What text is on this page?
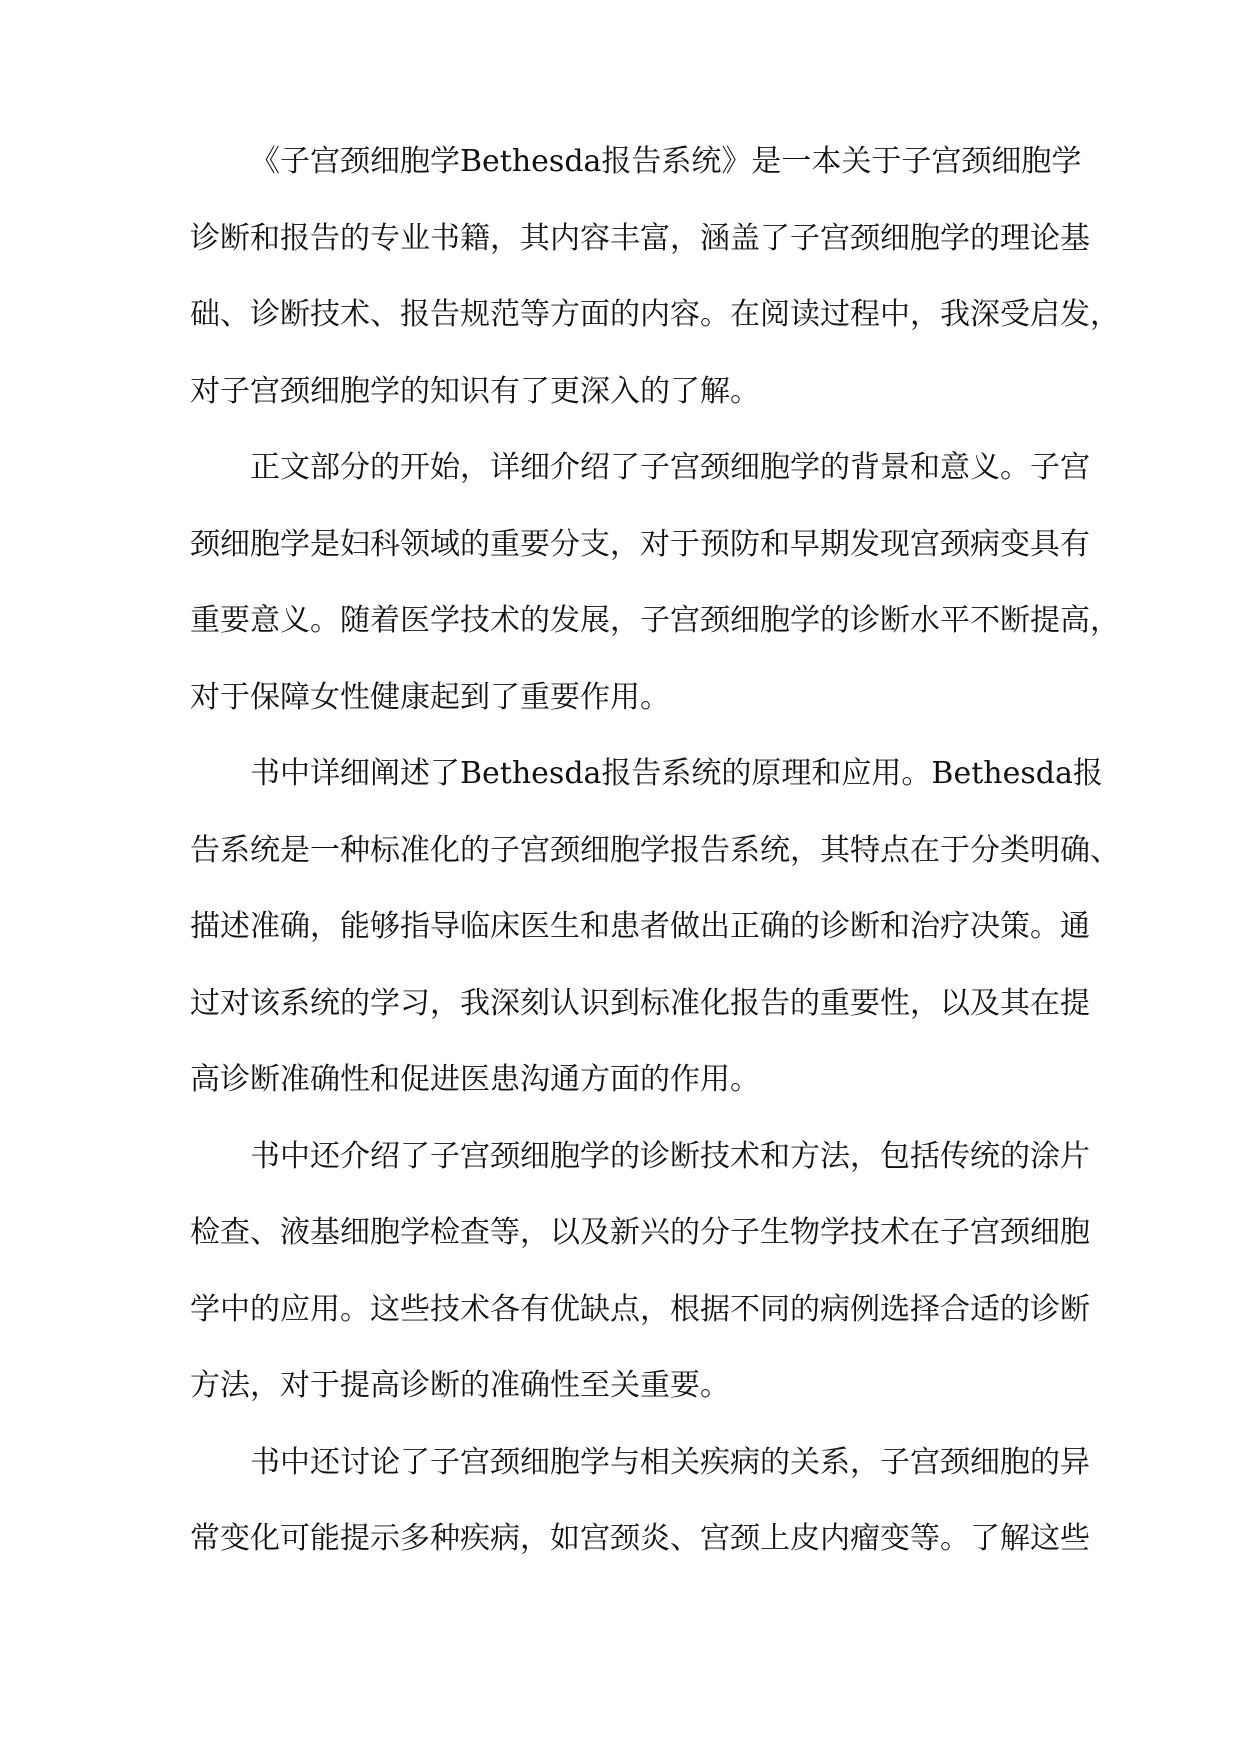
《子宫颈细胞学Bethesda报告系统》是一本关于子宫颈细胞学
诊断和报告的专业书籍，其内容丰富，涵盖了子宫颈细胞学的理论基
础、诊断技术、报告规范等方面的内容。在阅读过程中，我深受启发，
对子宫颈细胞学的知识有了更深入的了解。
正文部分的开始，详细介绍了子宫颈细胞学的背景和意义。子宫
颈细胞学是妇科领域的重要分支，对于预防和早期发现宫颈病变具有
重要意义。随着医学技术的发展，子宫颈细胞学的诊断水平不断提高，
对于保障女性健康起到了重要作用。
书中详细阐述了Bethesda报告系统的原理和应用。Bethesda报
告系统是一种标准化的子宫颈细胞学报告系统，其特点在于分类明确、
描述准确，能够指导临床医生和患者做出正确的诊断和治疗决策。通
过对该系统的学习，我深刻认识到标准化报告的重要性，以及其在提
高诊断准确性和促进医患沟通方面的作用。
书中还介绍了子宫颈细胞学的诊断技术和方法，包括传统的涂片
检查、液基细胞学检查等，以及新兴的分子生物学技术在子宫颈细胞
学中的应用。这些技术各有优缺点，根据不同的病例选择合适的诊断
方法，对于提高诊断的准确性至关重要。
书中还讨论了子宫颈细胞学与相关疾病的关系，子宫颈细胞的异
常变化可能提示多种疾病，如宫颈炎、宫颈上皮内瘤变等。了解这些
